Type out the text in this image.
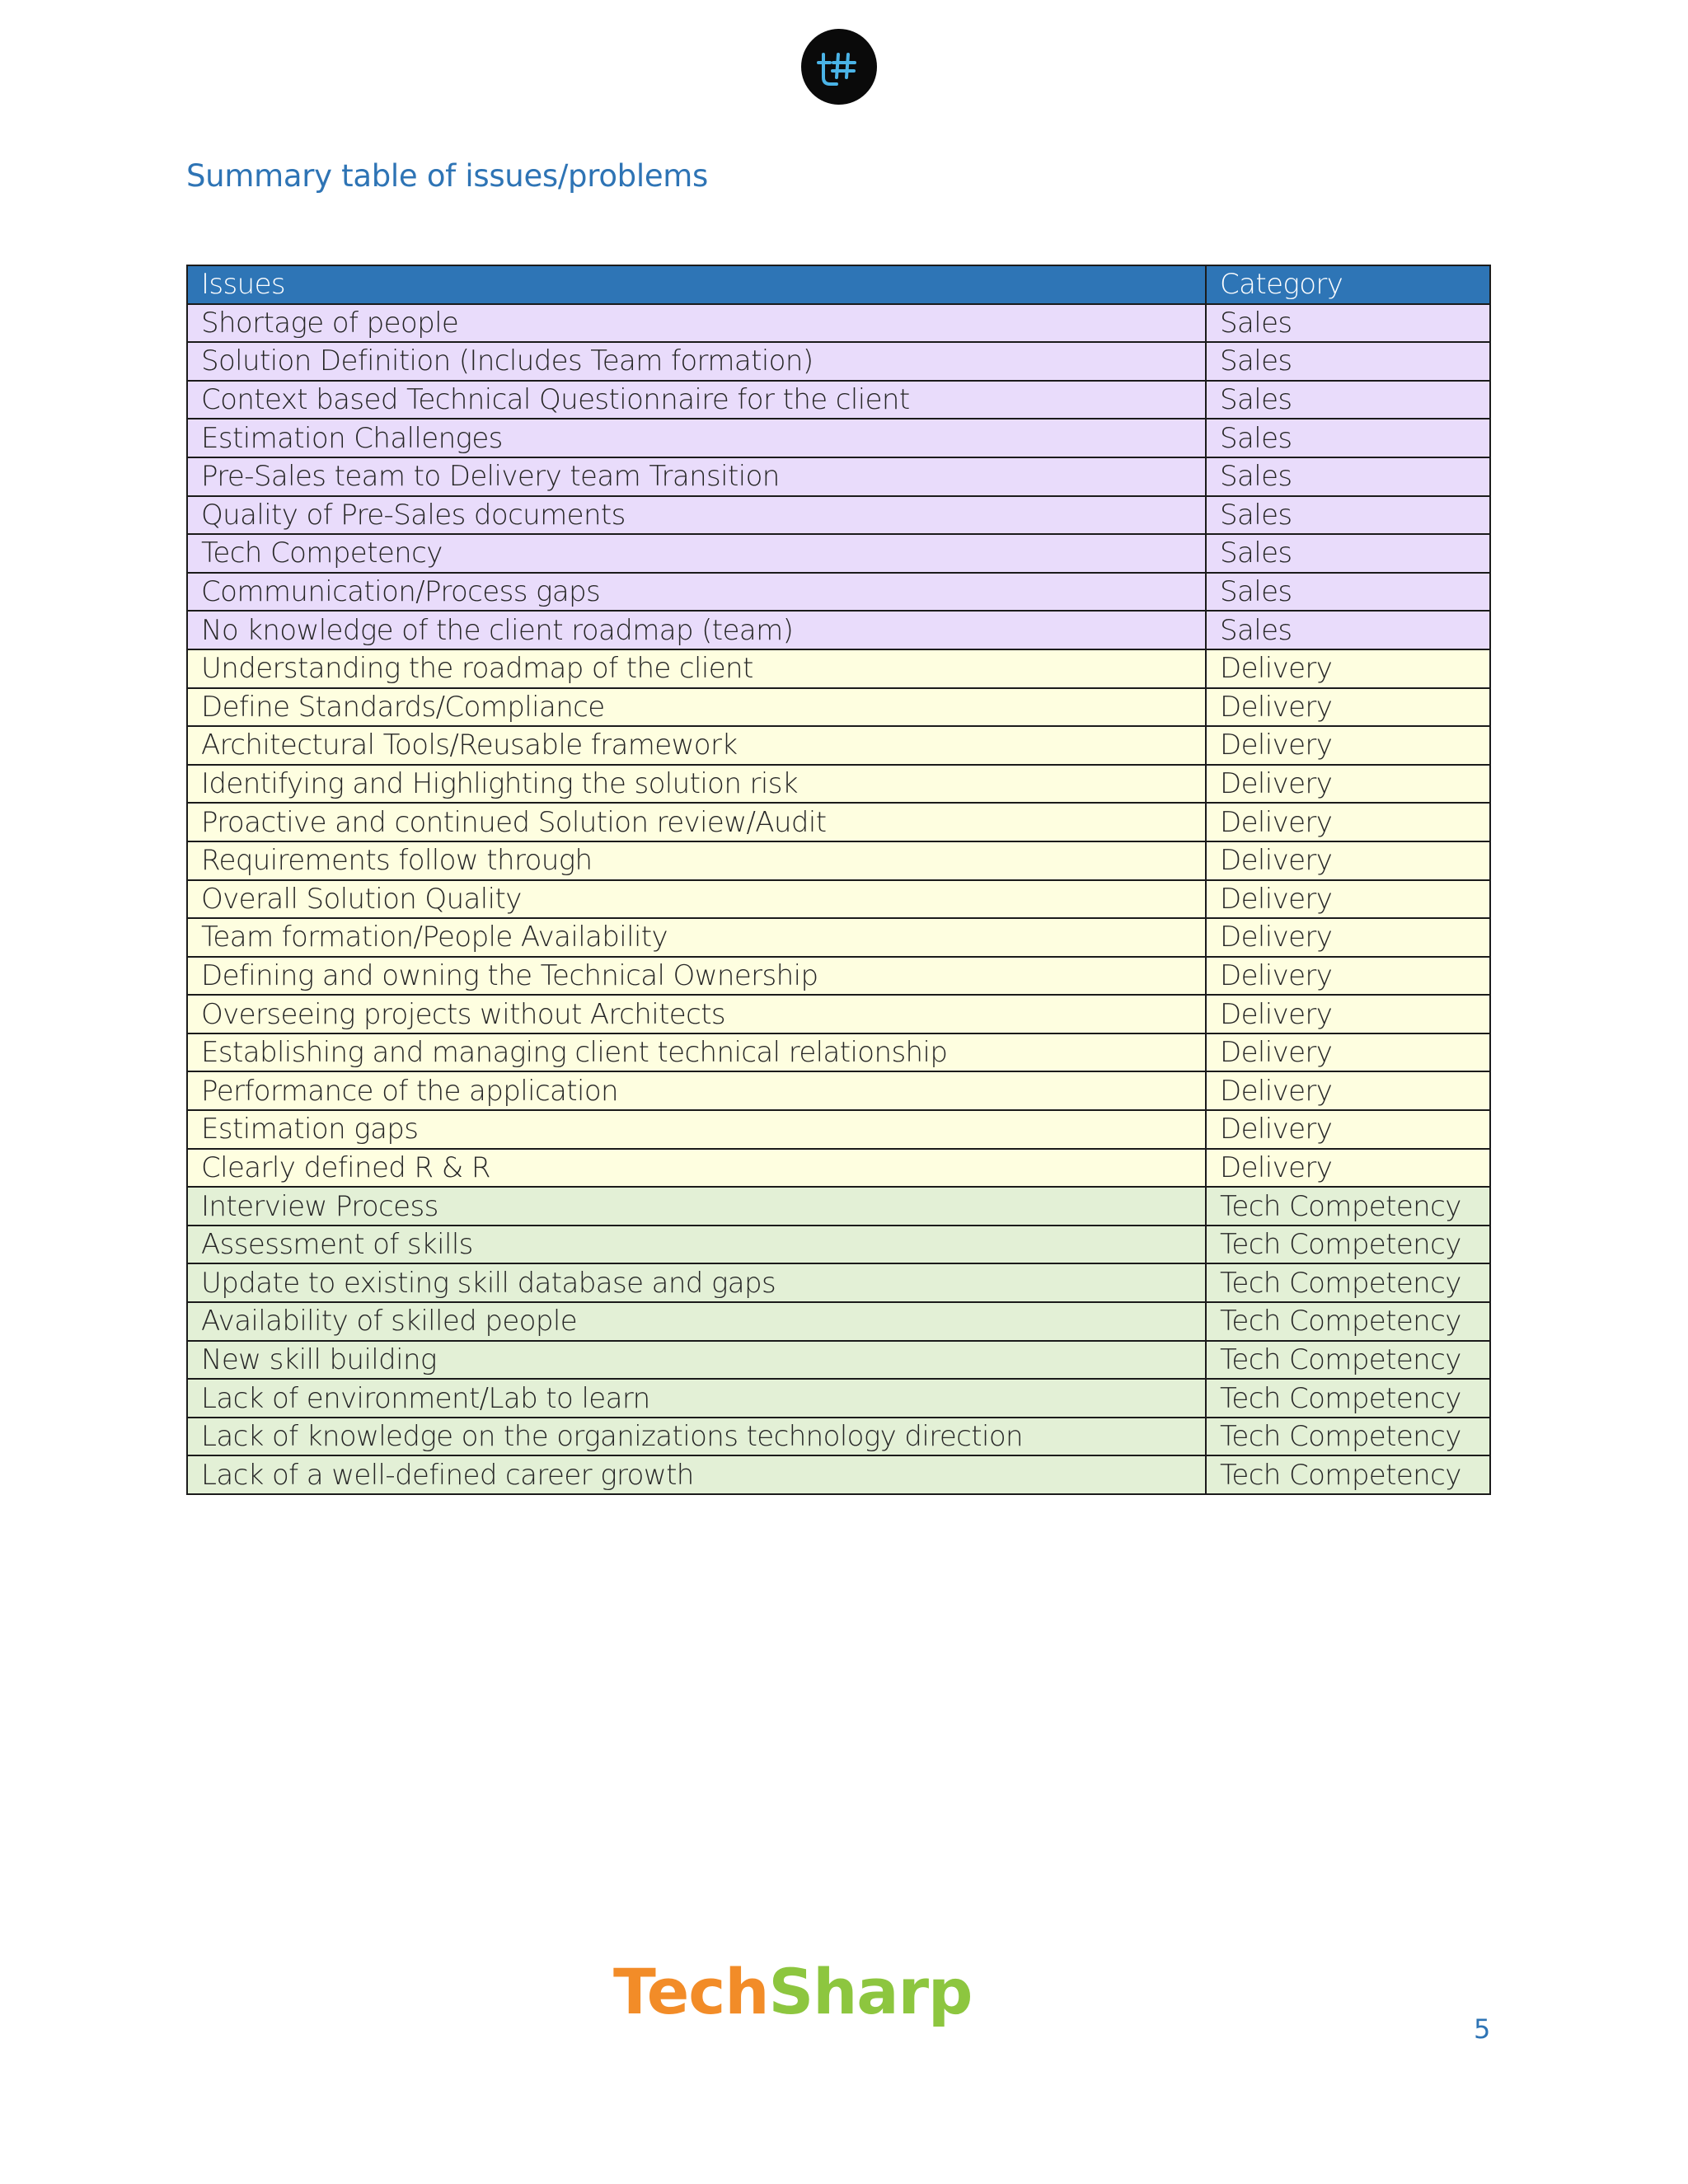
Summary table of issues/problems
Issues	Category
Shortage of people	Sales
Solution Definition (Includes Team formation)	Sales
Context based Technical Questionnaire for the client	Sales
Estimation Challenges	Sales
Pre-Sales team to Delivery team Transition	Sales
Quality of Pre-Sales documents	Sales
Tech Competency	Sales
Communication/Process gaps	Sales
No knowledge of the client roadmap (team)	Sales
Understanding the roadmap of the client	Delivery
Define Standards/Compliance	Delivery
Architectural Tools/Reusable framework	Delivery
Identifying and Highlighting the solution risk	Delivery
Proactive and continued Solution review/Audit	Delivery
Requirements follow through	Delivery
Overall Solution Quality	Delivery
Team formation/People Availability	Delivery
Defining and owning the Technical Ownership	Delivery
Overseeing projects without Architects	Delivery
Establishing and managing client technical relationship	Delivery
Performance of the application	Delivery
Estimation gaps	Delivery
Clearly defined R & R	Delivery
Interview Process	Tech Competency
Assessment of skills	Tech Competency
Update to existing skill database and gaps	Tech Competency
Availability of skilled people	Tech Competency
New skill building	Tech Competency
Lack of environment/Lab to learn	Tech Competency
Lack of knowledge on the organizations technology direction	Tech Competency
Lack of a well-defined career growth	Tech Competency
TechSharp
5
